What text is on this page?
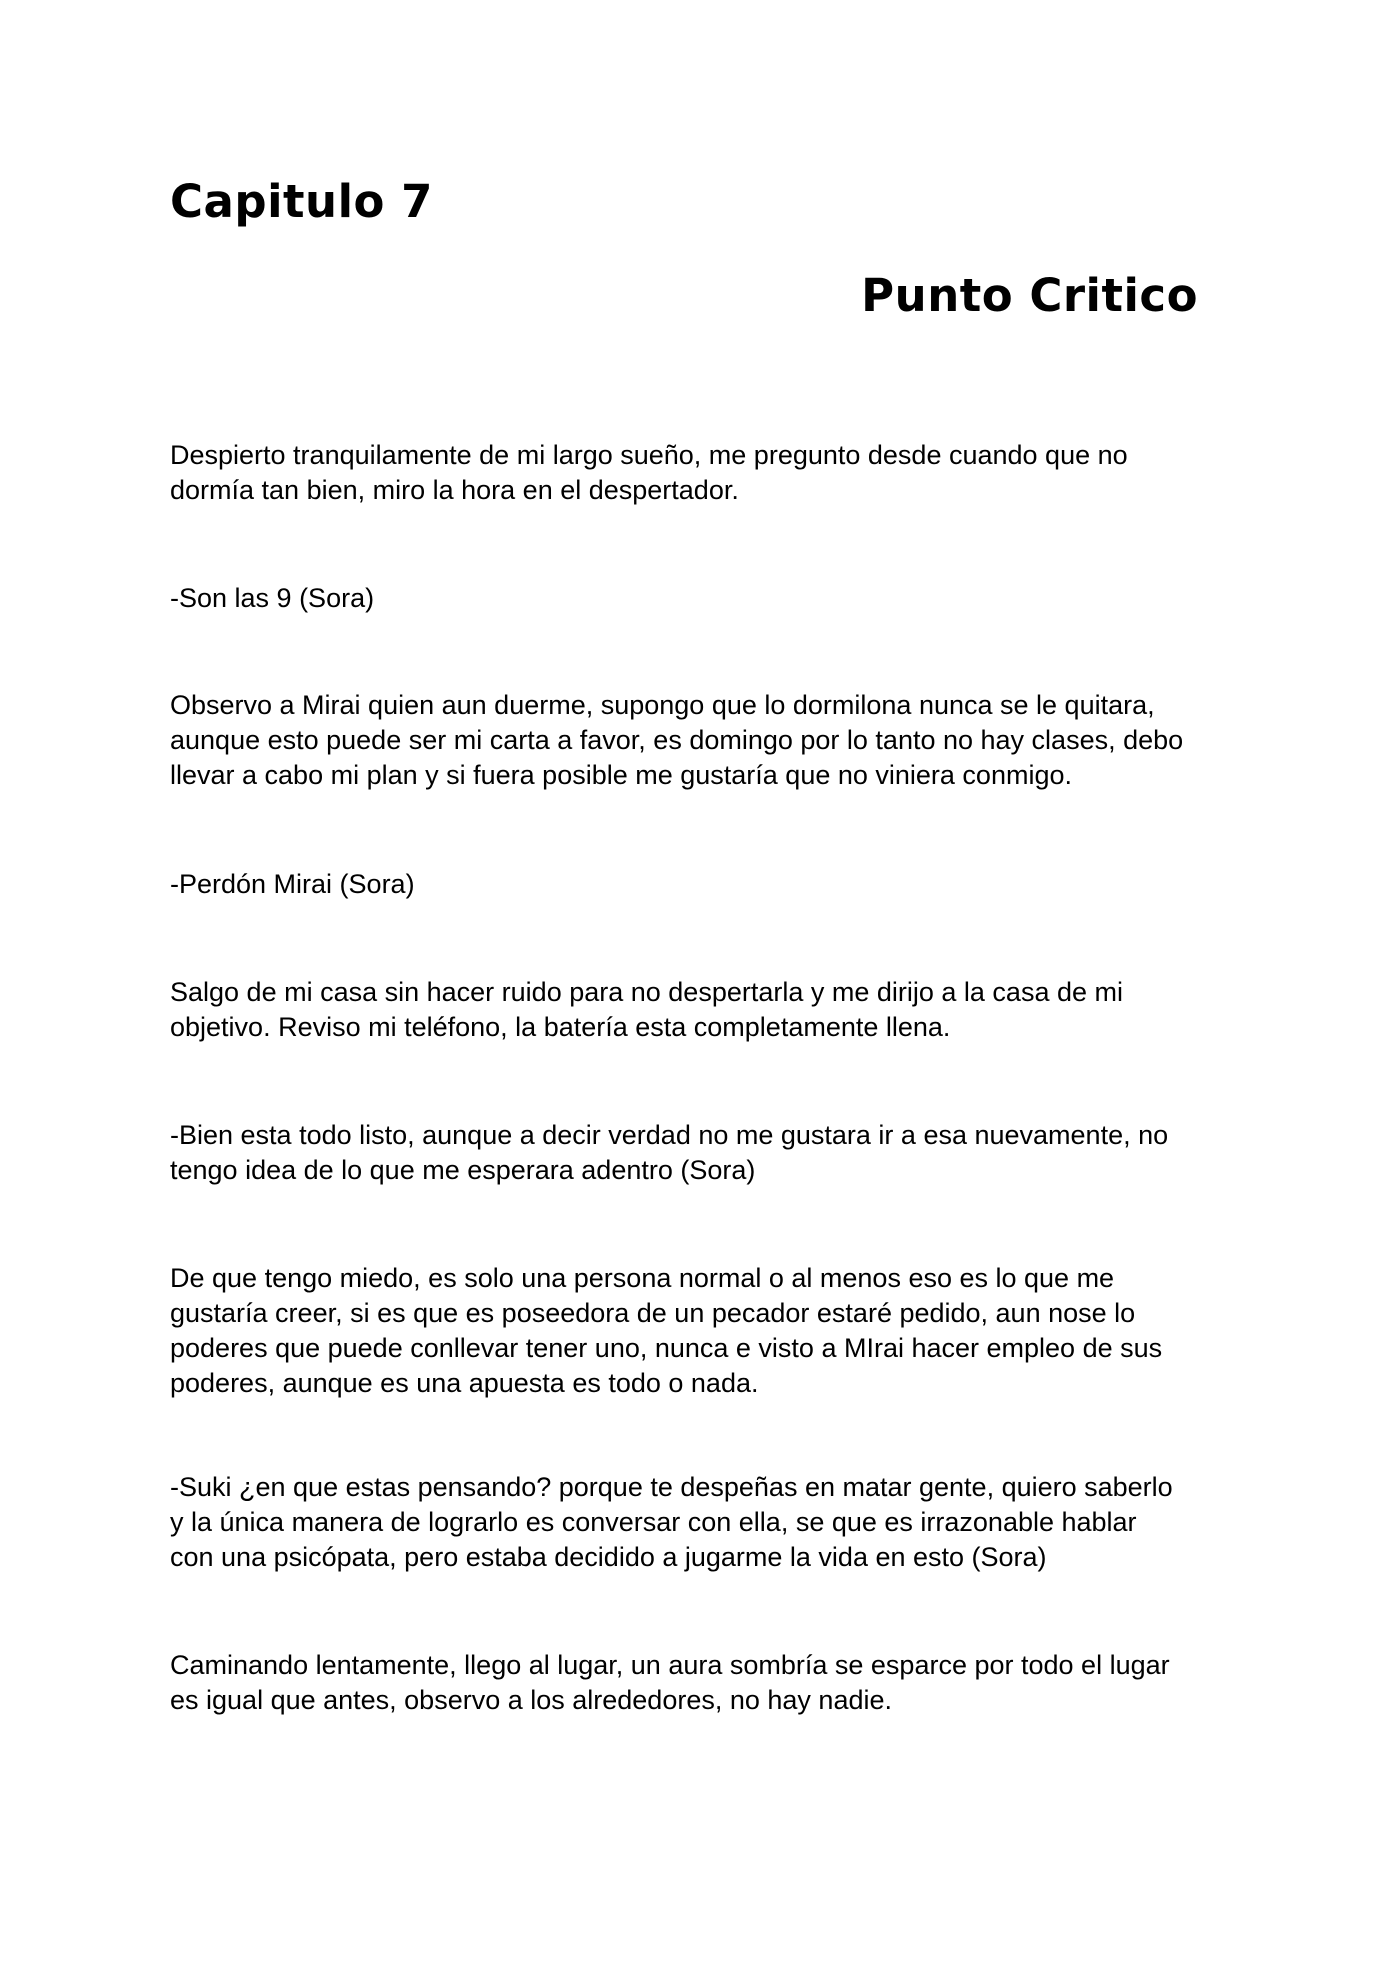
Capitulo 7
Punto Critico

Despierto tranquilamente de mi largo sueño, me pregunto desde cuando que no
dormía tan bien, miro la hora en el despertador.

-Son las 9 (Sora)

Observo a Mirai quien aun duerme, supongo que lo dormilona nunca se le quitara,
aunque esto puede ser mi carta a favor, es domingo por lo tanto no hay clases, debo
llevar a cabo mi plan y si fuera posible me gustaría que no viniera conmigo.

-Perdón Mirai (Sora)

Salgo de mi casa sin hacer ruido para no despertarla y me dirijo a la casa de mi
objetivo. Reviso mi teléfono, la batería esta completamente llena.

-Bien esta todo listo, aunque a decir verdad no me gustara ir a esa nuevamente, no
tengo idea de lo que me esperara adentro (Sora)

De que tengo miedo, es solo una persona normal o al menos eso es lo que me
gustaría creer, si es que es poseedora de un pecador estaré pedido, aun nose lo
poderes que puede conllevar tener uno, nunca e visto a MIrai hacer empleo de sus
poderes, aunque es una apuesta es todo o nada.

-Suki ¿en que estas pensando? porque te despeñas en matar gente, quiero saberlo
y la única manera de lograrlo es conversar con ella, se que es irrazonable hablar
con una psicópata, pero estaba decidido a jugarme la vida en esto (Sora)

Caminando lentamente, llego al lugar, un aura sombría se esparce por todo el lugar
es igual que antes, observo a los alrededores, no hay nadie.
